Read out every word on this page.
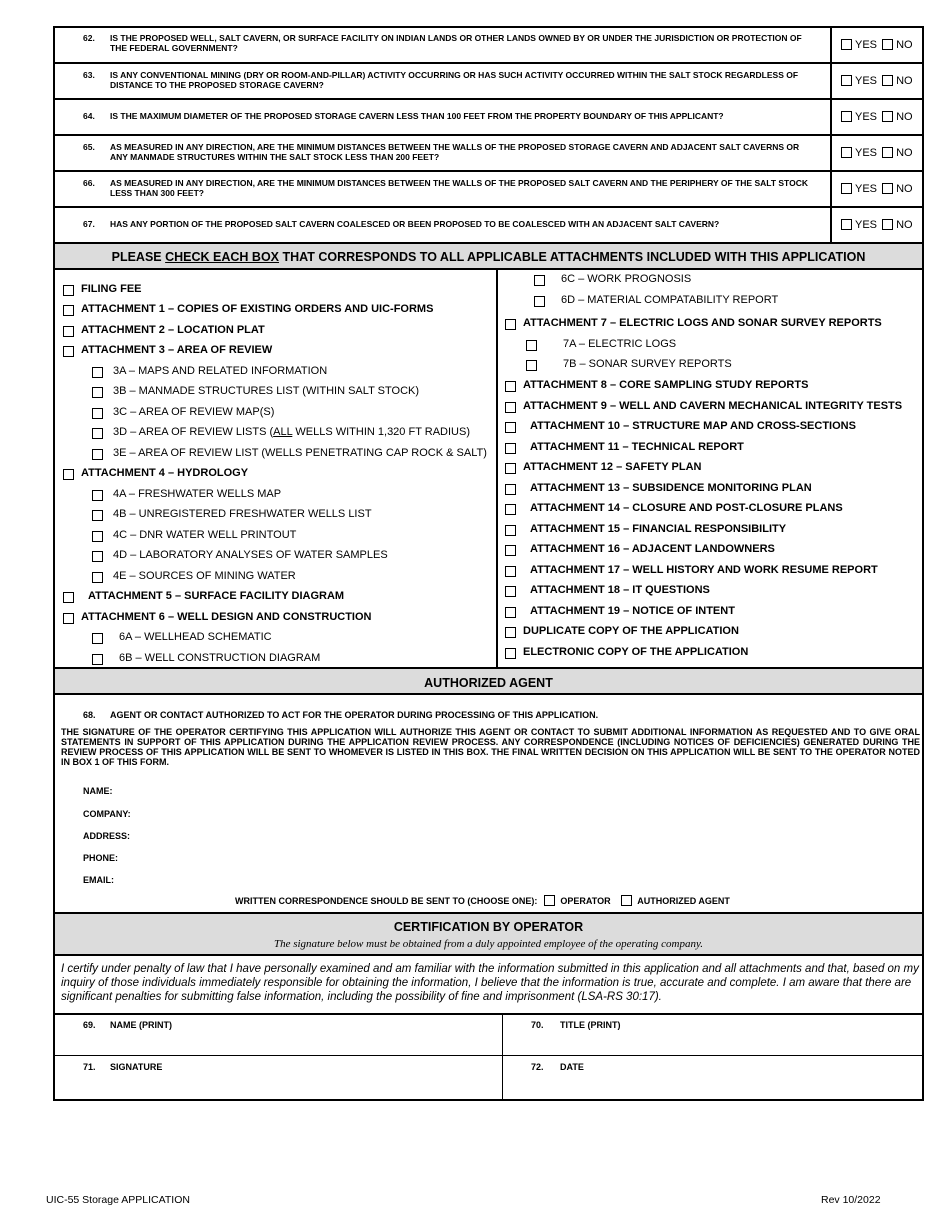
62. IS THE PROPOSED WELL, SALT CAVERN, OR SURFACE FACILITY ON INDIAN LANDS OR OTHER LANDS OWNED BY OR UNDER THE JURISDICTION OR PROTECTION OF THE FEDERAL GOVERNMENT?	YES NO
63. IS ANY CONVENTIONAL MINING (DRY OR ROOM-AND-PILLAR) ACTIVITY OCCURRING OR HAS SUCH ACTIVITY OCCURRED WITHIN THE SALT STOCK REGARDLESS OF DISTANCE TO THE PROPOSED STORAGE CAVERN?	YES NO
64. IS THE MAXIMUM DIAMETER OF THE PROPOSED STORAGE CAVERN LESS THAN 100 FEET FROM THE PROPERTY BOUNDARY OF THIS APPLICANT?	YES NO
65. AS MEASURED IN ANY DIRECTION, ARE THE MINIMUM DISTANCES BETWEEN THE WALLS OF THE PROPOSED STORAGE CAVERN AND ADJACENT SALT CAVERNS OR ANY MANMADE STRUCTURES WITHIN THE SALT STOCK LESS THAN 200 FEET?	YES NO
66. AS MEASURED IN ANY DIRECTION, ARE THE MINIMUM DISTANCES BETWEEN THE WALLS OF THE PROPOSED SALT CAVERN AND THE PERIPHERY OF THE SALT STOCK LESS THAN 300 FEET?	YES NO
67. HAS ANY PORTION OF THE PROPOSED SALT CAVERN COALESCED OR BEEN PROPOSED TO BE COALESCED WITH AN ADJACENT SALT CAVERN?	YES NO
PLEASE CHECK EACH BOX THAT CORRESPONDS TO ALL APPLICABLE ATTACHMENTS INCLUDED WITH THIS APPLICATION
AUTHORIZED AGENT
68. AGENT OR CONTACT AUTHORIZED TO ACT FOR THE OPERATOR DURING PROCESSING OF THIS APPLICATION.
THE SIGNATURE OF THE OPERATOR CERTIFYING THIS APPLICATION WILL AUTHORIZE THIS AGENT OR CONTACT TO SUBMIT ADDITIONAL INFORMATION AS REQUESTED AND TO GIVE ORAL STATEMENTS IN SUPPORT OF THIS APPLICATION DURING THE APPLICATION REVIEW PROCESS. ANY CORRESPONDENCE (INCLUDING NOTICES OF DEFICIENCIES) GENERATED DURING THE REVIEW PROCESS OF THIS APPLICATION WILL BE SENT TO WHOMEVER IS LISTED IN THIS BOX. THE FINAL WRITTEN DECISION ON THIS APPLICATION WILL BE SENT TO THE OPERATOR NOTED IN BOX 1 OF THIS FORM.
NAME:
COMPANY:
ADDRESS:
PHONE:
EMAIL:
WRITTEN CORRESPONDENCE SHOULD BE SENT TO (CHOOSE ONE):	OPERATOR	AUTHORIZED AGENT
CERTIFICATION BY OPERATOR
The signature below must be obtained from a duly appointed employee of the operating company.
I certify under penalty of law that I have personally examined and am familiar with the information submitted in this application and all attachments and that, based on my inquiry of those individuals immediately responsible for obtaining the information, I believe that the information is true, accurate and complete. I am aware that there are significant penalties for submitting false information, including the possibility of fine and imprisonment (LSA-RS 30:17).
69. NAME (PRINT)	70. TITLE (PRINT)
71. SIGNATURE	72. DATE
FILING FEE
ATTACHMENT 1 – COPIES OF EXISTING ORDERS AND UIC-FORMS
ATTACHMENT 2 – LOCATION PLAT
ATTACHMENT 3 – AREA OF REVIEW
3A – MAPS AND RELATED INFORMATION
3B – MANMADE STRUCTURES LIST (WITHIN SALT STOCK)
3C – AREA OF REVIEW MAP(S)
3D – AREA OF REVIEW LISTS (ALL WELLS WITHIN 1,320 FT RADIUS)
3E – AREA OF REVIEW LIST (WELLS PENETRATING CAP ROCK & SALT)
ATTACHMENT 4 – HYDROLOGY
4A – FRESHWATER WELLS MAP
4B – UNREGISTERED FRESHWATER WELLS LIST
4C – DNR WATER WELL PRINTOUT
4D – LABORATORY ANALYSES OF WATER SAMPLES
4E – SOURCES OF MINING WATER
ATTACHMENT 5 – SURFACE FACILITY DIAGRAM
ATTACHMENT 6 – WELL DESIGN AND CONSTRUCTION
6A – WELLHEAD SCHEMATIC
6B – WELL CONSTRUCTION DIAGRAM
6C – WORK PROGNOSIS
6D – MATERIAL COMPATABILITY REPORT
ATTACHMENT 7 – ELECTRIC LOGS AND SONAR SURVEY REPORTS
7A – ELECTRIC LOGS
7B – SONAR SURVEY REPORTS
ATTACHMENT 8 – CORE SAMPLING STUDY REPORTS
ATTACHMENT 9 – WELL AND CAVERN MECHANICAL INTEGRITY TESTS
ATTACHMENT 10 – STRUCTURE MAP AND CROSS-SECTIONS
ATTACHMENT 11 – TECHNICAL REPORT
ATTACHMENT 12 – SAFETY PLAN
ATTACHMENT 13 – SUBSIDENCE MONITORING PLAN
ATTACHMENT 14 – CLOSURE AND POST-CLOSURE PLANS
ATTACHMENT 15 – FINANCIAL RESPONSIBILITY
ATTACHMENT 16 – ADJACENT LANDOWNERS
ATTACHMENT 17 – WELL HISTORY AND WORK RESUME REPORT
ATTACHMENT 18 – IT QUESTIONS
ATTACHMENT 19 – NOTICE OF INTENT
DUPLICATE COPY OF THE APPLICATION
ELECTRONIC COPY OF THE APPLICATION
UIC-55 Storage APPLICATION	Rev 10/2022
